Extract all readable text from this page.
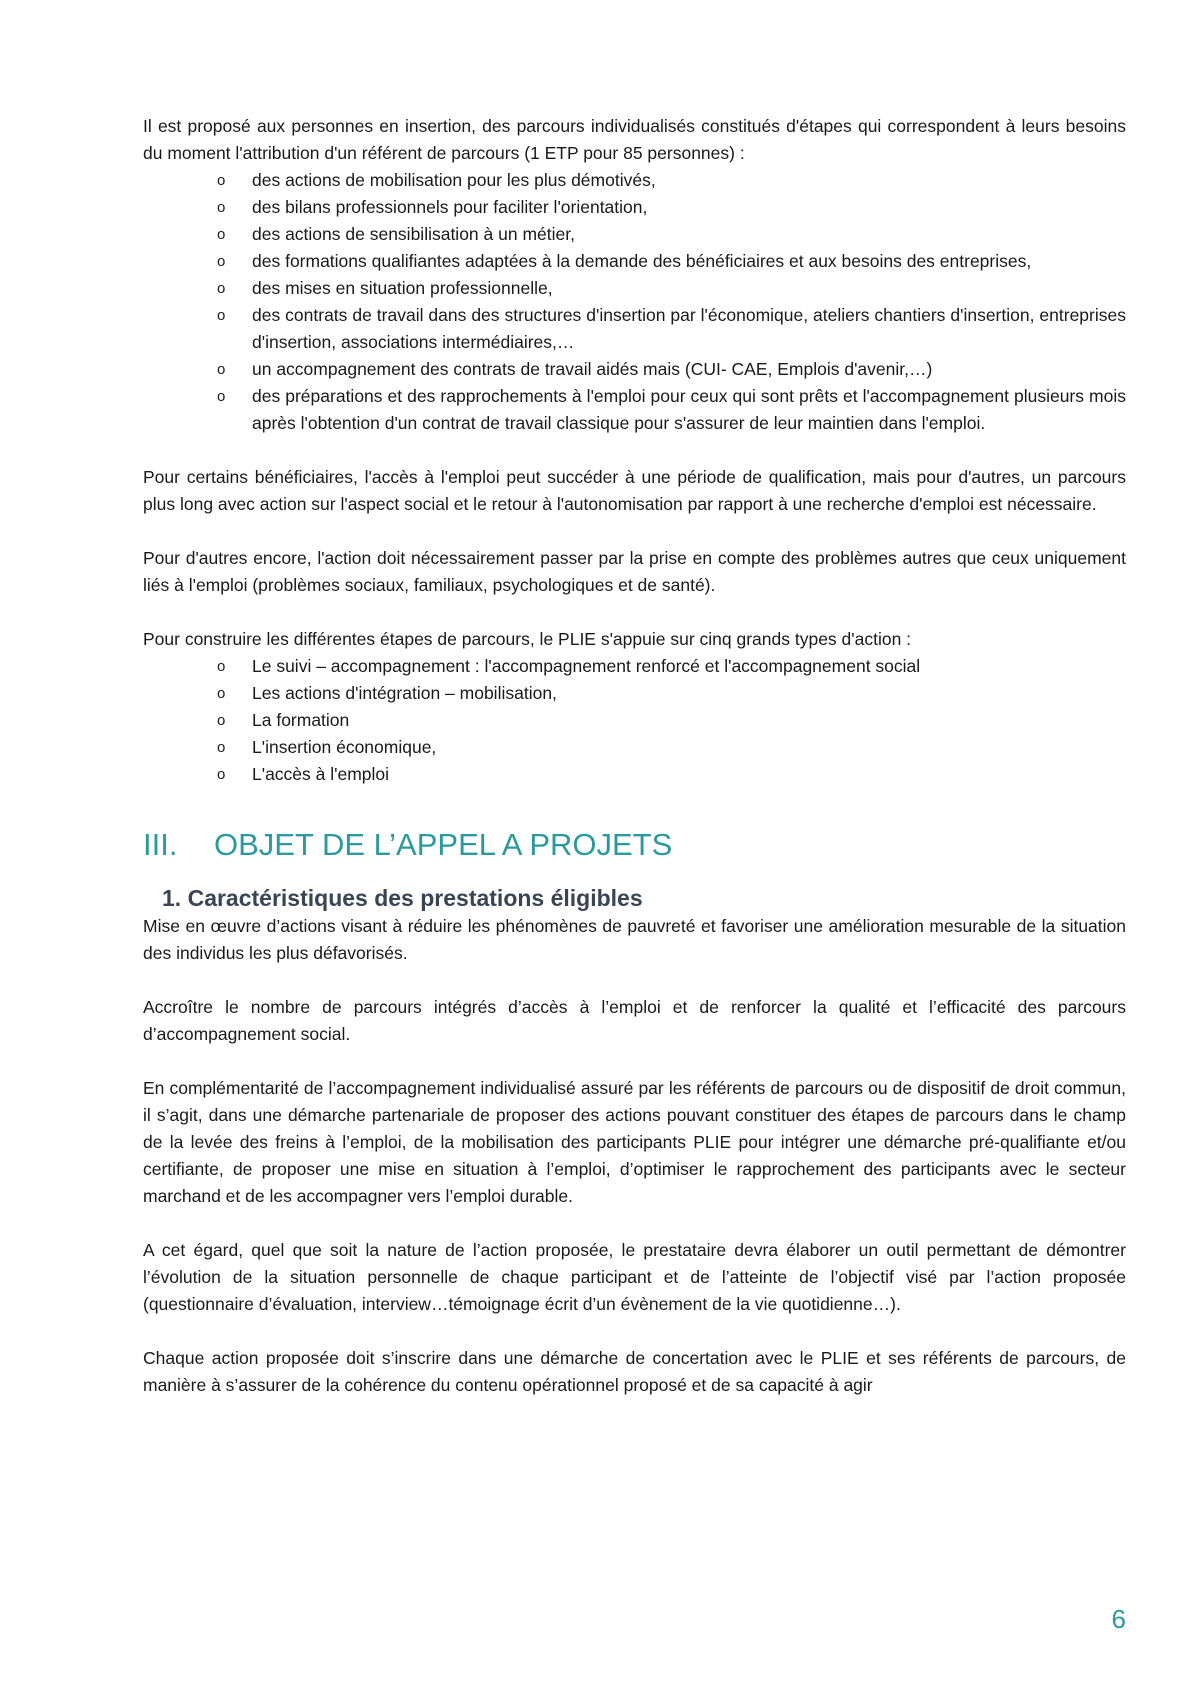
Il est proposé aux personnes en insertion, des parcours individualisés constitués d'étapes qui correspondent à leurs besoins du moment l'attribution d'un référent de parcours (1 ETP pour 85 personnes) :

o des actions de mobilisation pour les plus démotivés,
o des bilans professionnels pour faciliter l'orientation,
o des actions de sensibilisation à un métier,
o des formations qualifiantes adaptées à la demande des bénéficiaires et aux besoins des entreprises,
o des mises en situation professionnelle,
o des contrats de travail dans des structures d'insertion par l'économique, ateliers chantiers d'insertion, entreprises d'insertion, associations intermédiaires,…
o un accompagnement des contrats de travail aidés mais (CUI- CAE, Emplois d'avenir,…)
o des préparations et des rapprochements à l'emploi pour ceux qui sont prêts et l'accompagnement plusieurs mois après l'obtention d'un contrat de travail classique pour s'assurer de leur maintien dans l'emploi.

Pour certains bénéficiaires, l'accès à l'emploi peut succéder à une période de qualification, mais pour d'autres, un parcours plus long avec action sur l'aspect social et le retour à l'autonomisation par rapport à une recherche d'emploi est nécessaire.

Pour d'autres encore, l'action doit nécessairement passer par la prise en compte des problèmes autres que ceux uniquement liés à l'emploi (problèmes sociaux, familiaux, psychologiques et de santé).

Pour construire les différentes étapes de parcours, le PLIE s'appuie sur cinq grands types d'action :

o Le suivi – accompagnement : l'accompagnement renforcé et l'accompagnement social
o Les actions d'intégration – mobilisation,
o La formation
o L'insertion économique,
o L'accès à l'emploi
III. OBJET DE L’APPEL A PROJETS
1. Caractéristiques des prestations éligibles

Mise en œuvre d’actions visant à réduire les phénomènes de pauvreté et favoriser une amélioration mesurable de la situation des individus les plus défavorisés.

Accroître le nombre de parcours intégrés d’accès à l’emploi et de renforcer la qualité et l’efficacité des parcours d’accompagnement social.

En complémentarité de l’accompagnement individualisé assuré par les référents de parcours ou de dispositif de droit commun, il s’agit, dans une démarche partenariale de proposer des actions pouvant constituer des étapes de parcours dans le champ de la levée des freins à l’emploi, de la mobilisation des participants PLIE pour intégrer une démarche pré-qualifiante et/ou certifiante, de proposer une mise en situation à l’emploi, d’optimiser le rapprochement des participants avec le secteur marchand et de les accompagner vers l’emploi durable.

A cet égard, quel que soit la nature de l’action proposée, le prestataire devra élaborer un outil permettant de démontrer l’évolution de la situation personnelle de chaque participant et de l’atteinte de l’objectif visé par l’action proposée (questionnaire d’évaluation, interview…témoignage écrit d’un évènement de la vie quotidienne…).

Chaque action proposée doit s’inscrire dans une démarche de concertation avec le PLIE et ses référents de parcours, de manière à s’assurer de la cohérence du contenu opérationnel proposé et de sa capacité à agir

6
